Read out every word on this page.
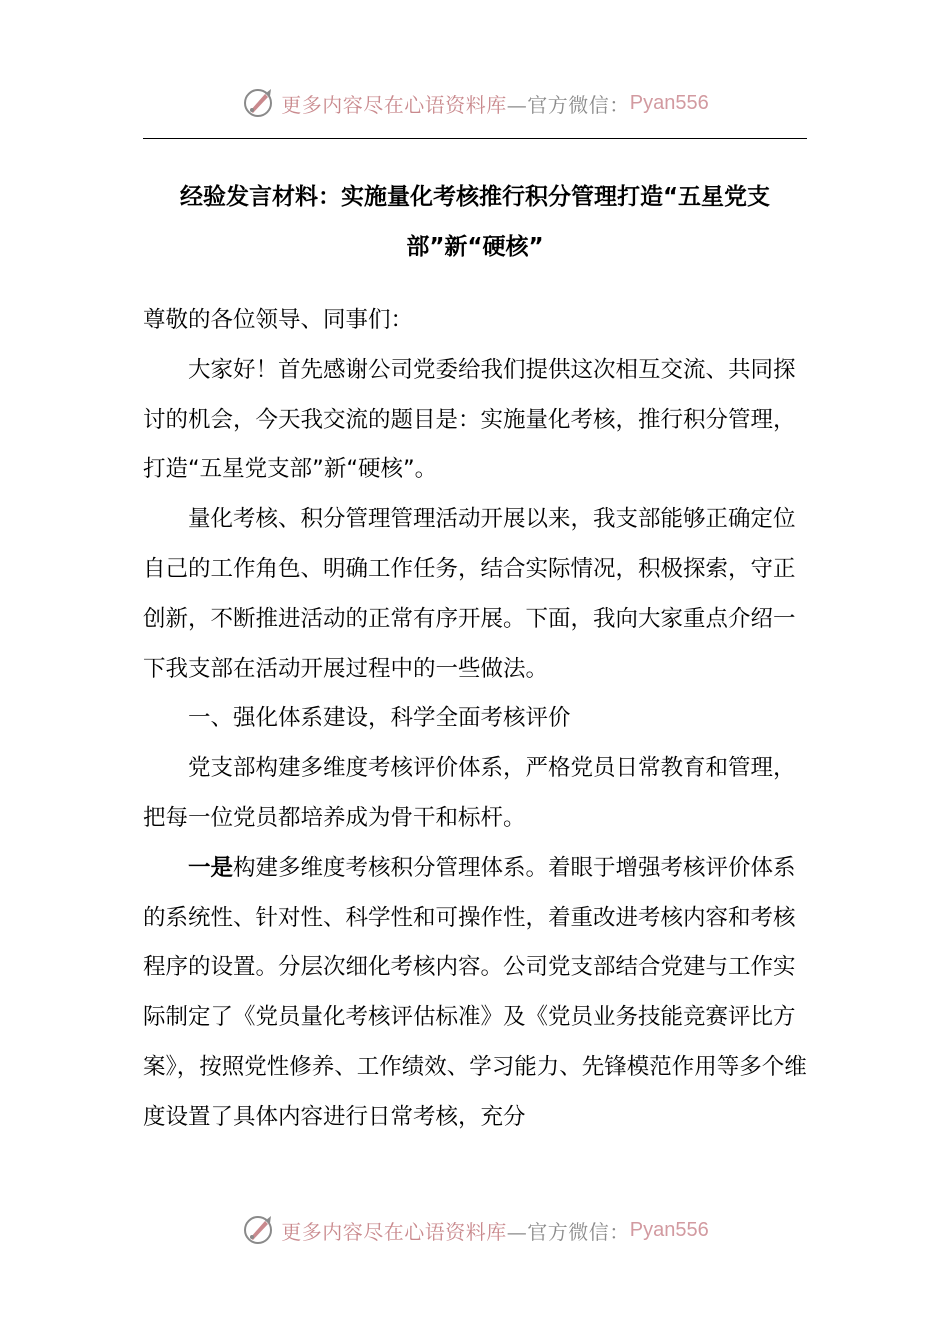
更多内容尽在心语资料库 —官方微信： Pyan556
经验发言材料：实施量化考核推行积分管理打造“五星党支
部”新“硬核”

尊敬的各位领导、同事们：

大家好！首先感谢公司党委给我们提供这次相互交流、共同探讨的机会，今天我交流的题目是：实施量化考核，推行积分管理，打造“五星党支部”新“硬核”。

量化考核、积分管理管理活动开展以来，我支部能够正确定位自己的工作角色、明确工作任务，结合实际情况，积极探索，守正创新，不断推进活动的正常有序开展。下面，我向大家重点介绍一下我支部在活动开展过程中的一些做法。

一、强化体系建设，科学全面考核评价

党支部构建多维度考核评价体系，严格党员日常教育和管理，把每一位党员都培养成为骨干和标杆。

一是构建多维度考核积分管理体系。着眼于增强考核评价体系的系统性、针对性、科学性和可操作性，着重改进考核内容和考核程序的设置。分层次细化考核内容。公司党支部结合党建与工作实际制定了《党员量化考核评估标准》及《党员业务技能竞赛评比方案》，按照党性修养、工作绩效、学习能力、先锋模范作用等多个维度设置了具体内容进行日常考核，充分

更多内容尽在心语资料库 —官方微信： Pyan556
